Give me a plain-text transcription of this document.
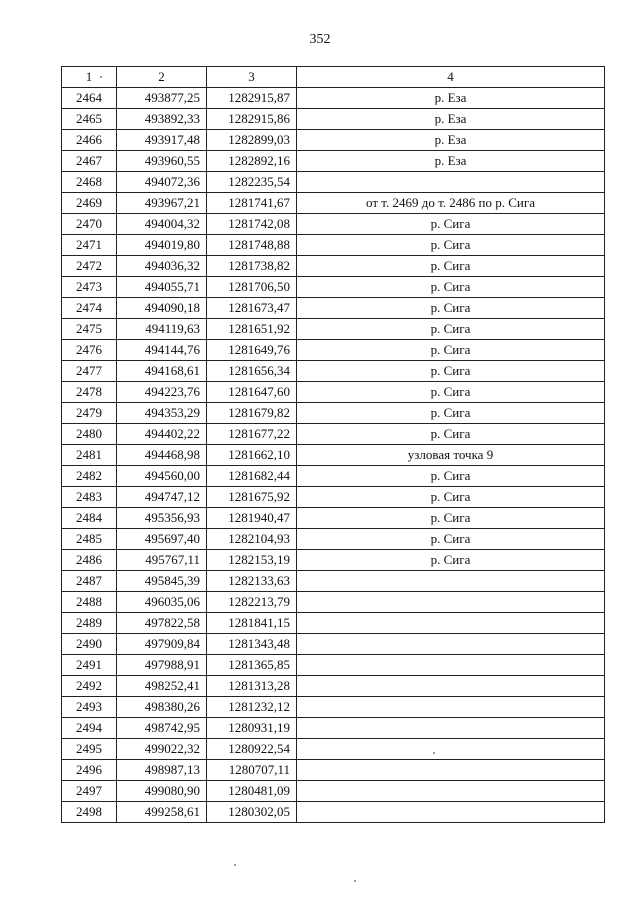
352
1	2	3	4
2464	493877,25	1282915,87	р. Еза
2465	493892,33	1282915,86	р. Еза
2466	493917,48	1282899,03	р. Еза
2467	493960,55	1282892,16	р. Еза
2468	494072,36	1282235,54	
2469	493967,21	1281741,67	от т. 2469 до т. 2486 по р. Сига
2470	494004,32	1281742,08	р. Сига
2471	494019,80	1281748,88	р. Сига
2472	494036,32	1281738,82	р. Сига
2473	494055,71	1281706,50	р. Сига
2474	494090,18	1281673,47	р. Сига
2475	494119,63	1281651,92	р. Сига
2476	494144,76	1281649,76	р. Сига
2477	494168,61	1281656,34	р. Сига
2478	494223,76	1281647,60	р. Сига
2479	494353,29	1281679,82	р. Сига
2480	494402,22	1281677,22	р. Сига
2481	494468,98	1281662,10	узловая точка 9
2482	494560,00	1281682,44	р. Сига
2483	494747,12	1281675,92	р. Сига
2484	495356,93	1281940,47	р. Сига
2485	495697,40	1282104,93	р. Сига
2486	495767,11	1282153,19	р. Сига
2487	495845,39	1282133,63	
2488	496035,06	1282213,79	
2489	497822,58	1281841,15	
2490	497909,84	1281343,48	
2491	497988,91	1281365,85	
2492	498252,41	1281313,28	
2493	498380,26	1281232,12	
2494	498742,95	1280931,19	
2495	499022,32	1280922,54	
2496	498987,13	1280707,11	
2497	499080,90	1280481,09	
2498	499258,61	1280302,05	
